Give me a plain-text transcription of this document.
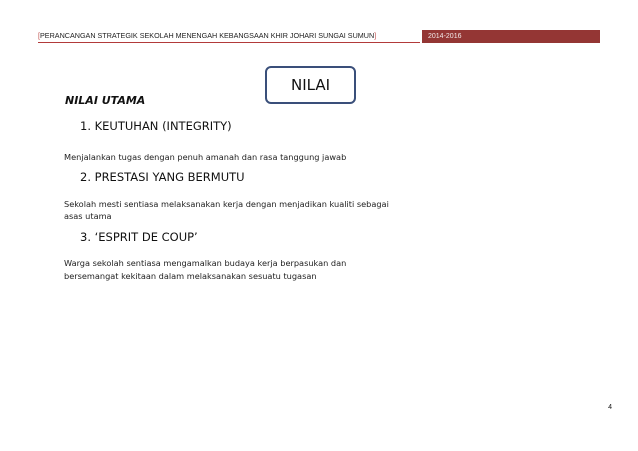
[PERANCANGAN STRATEGIK SEKOLAH MENENGAH KEBANGSAAN KHIR JOHARI SUNGAI SUMUN]	2014-2016
NILAI
NILAI UTAMA
1. KEUTUHAN (INTEGRITY)
Menjalankan tugas dengan penuh amanah dan rasa tanggung jawab
2. PRESTASI YANG BERMUTU
Sekolah mesti sentiasa melaksanakan kerja dengan menjadikan kualiti sebagai
asas utama
3. ‘ESPRIT DE COUP’
Warga sekolah sentiasa mengamalkan budaya kerja berpasukan dan
bersemangat kekitaan dalam melaksanakan sesuatu tugasan
4
